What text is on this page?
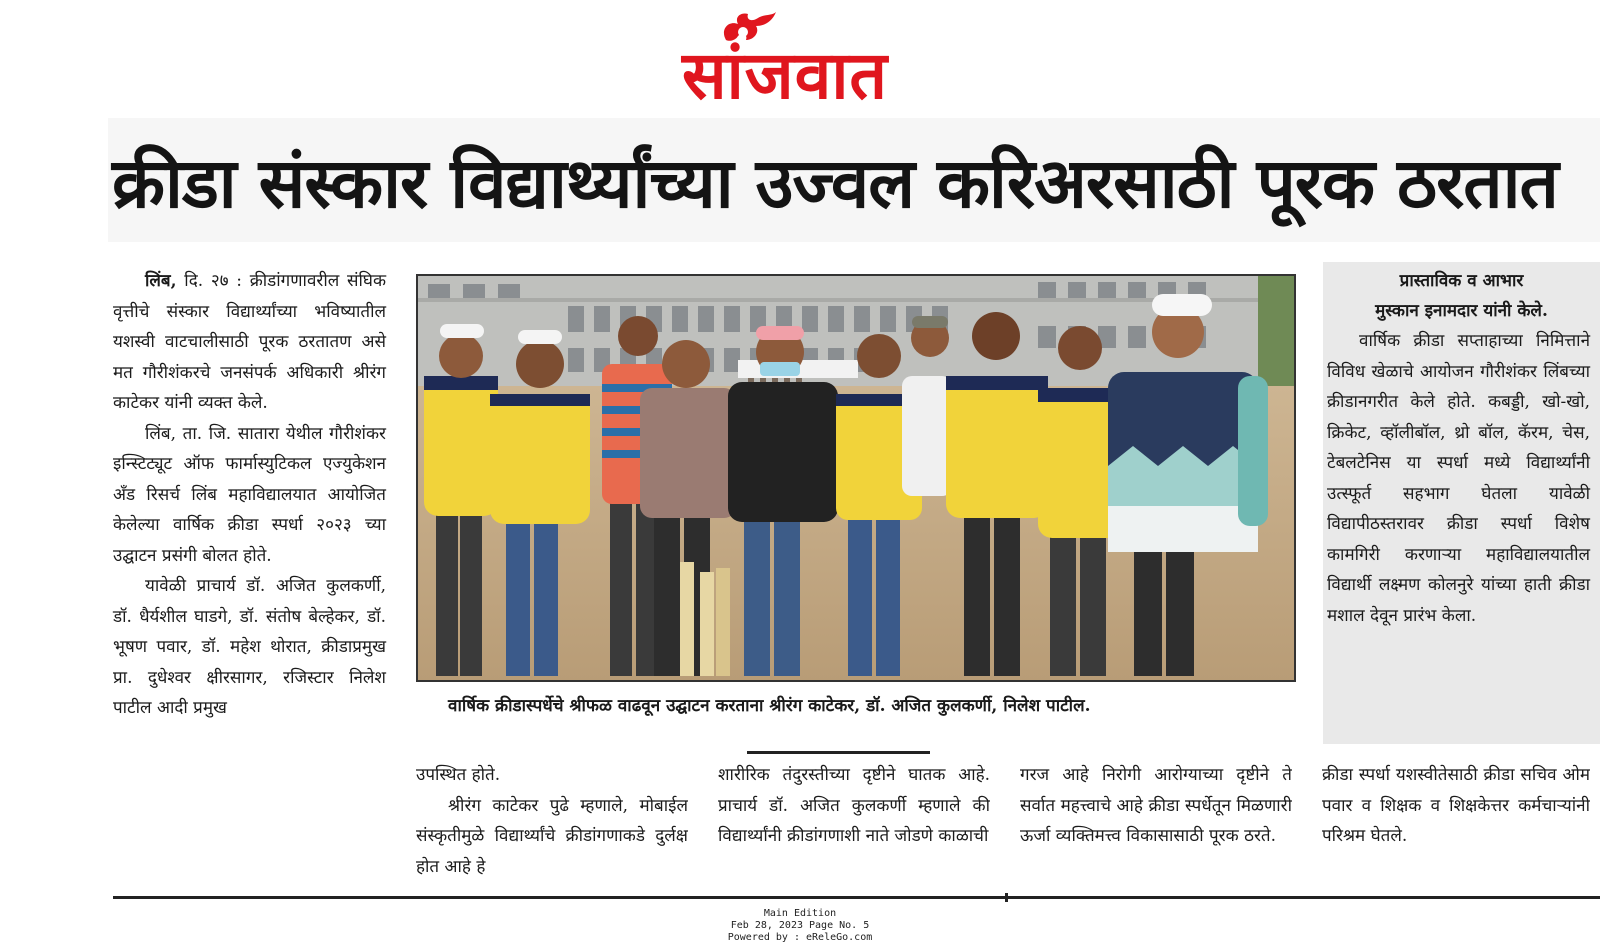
सांजवात
क्रीडा संस्कार विद्यार्थ्यांच्या उज्वल करिअरसाठी पूरक ठरतात

लिंब, दि. २७ : क्रीडांगणावरील संघिक वृत्तीचे संस्कार विद्यार्थ्यांच्या भविष्यातील यशस्वी वाटचालीसाठी पूरक ठरतातण असे मत गौरीशंकरचे जनसंपर्क अधिकारी श्रीरंग काटेकर यांनी व्यक्त केले.

लिंब, ता. जि. सातारा येथील गौरीशंकर इन्स्टिट्यूट ऑफ फार्मास्युटिकल एज्युकेशन अँड रिसर्च लिंब महाविद्यालयात आयोजित केलेल्या वार्षिक क्रीडा स्पर्धा २०२३ च्या उद्घाटन प्रसंगी बोलत होते.

यावेळी प्राचार्य डॉ. अजित कुलकर्णी, डॉ. धैर्यशील घाडगे, डॉ. संतोष बेल्हेकर, डॉ. भूषण पवार, डॉ. महेश थोरात, क्रीडाप्रमुख प्रा. दुधेश्वर क्षीरसागर, रजिस्टार निलेश पाटील आदी प्रमुख	वार्षिक क्रीडास्पर्धेचे श्रीफळ वाढवून उद्घाटन करताना श्रीरंग काटेकर, डॉ. अजित कुलकर्णी, निलेश पाटील.
प्रास्ताविक व आभार
मुस्कान इनामदार यांनी केले.

वार्षिक क्रीडा सप्ताहाच्या निमित्ताने विविध खेळाचे आयोजन गौरीशंकर लिंबच्या क्रीडानगरीत केले होते. कबड्डी, खो-खो, क्रिकेट, व्हॉलीबॉल, थ्रो बॉल, कॅरम, चेस, टेबलटेनिस या स्पर्धा मध्ये विद्यार्थ्यांनी उत्स्फूर्त सहभाग घेतला यावेळी विद्यापीठस्तरावर क्रीडा स्पर्धा विशेष कामगिरी करणाऱ्या महाविद्यालयातील विद्यार्थी लक्ष्मण कोलनुरे यांच्या हाती क्रीडा मशाल देवून प्रारंभ केला.

उपस्थित होते.

श्रीरंग काटेकर पुढे म्हणाले, मोबाईल संस्कृतीमुळे विद्यार्थ्यांचे क्रीडांगणाकडे दुर्लक्ष होत आहे हे

शारीरिक तंदुरस्तीच्या दृष्टीने घातक आहे. प्राचार्य डॉ. अजित कुलकर्णी म्हणाले की विद्यार्थ्यांनी क्रीडांगणाशी नाते जोडणे काळाची
गरज आहे निरोगी आरोग्याच्या दृष्टीने ते सर्वात महत्त्वाचे आहे क्रीडा स्पर्धेतून मिळणारी ऊर्जा व्यक्तिमत्त्व विकासासाठी पूरक ठरते.
क्रीडा स्पर्धा यशस्वीतेसाठी क्रीडा सचिव ओम पवार व शिक्षक व शिक्षकेत्तर कर्मचाऱ्यांनी परिश्रम घेतले.
Main Edition
Feb 28, 2023 Page No. 5
Powered by : eReleGo.com
